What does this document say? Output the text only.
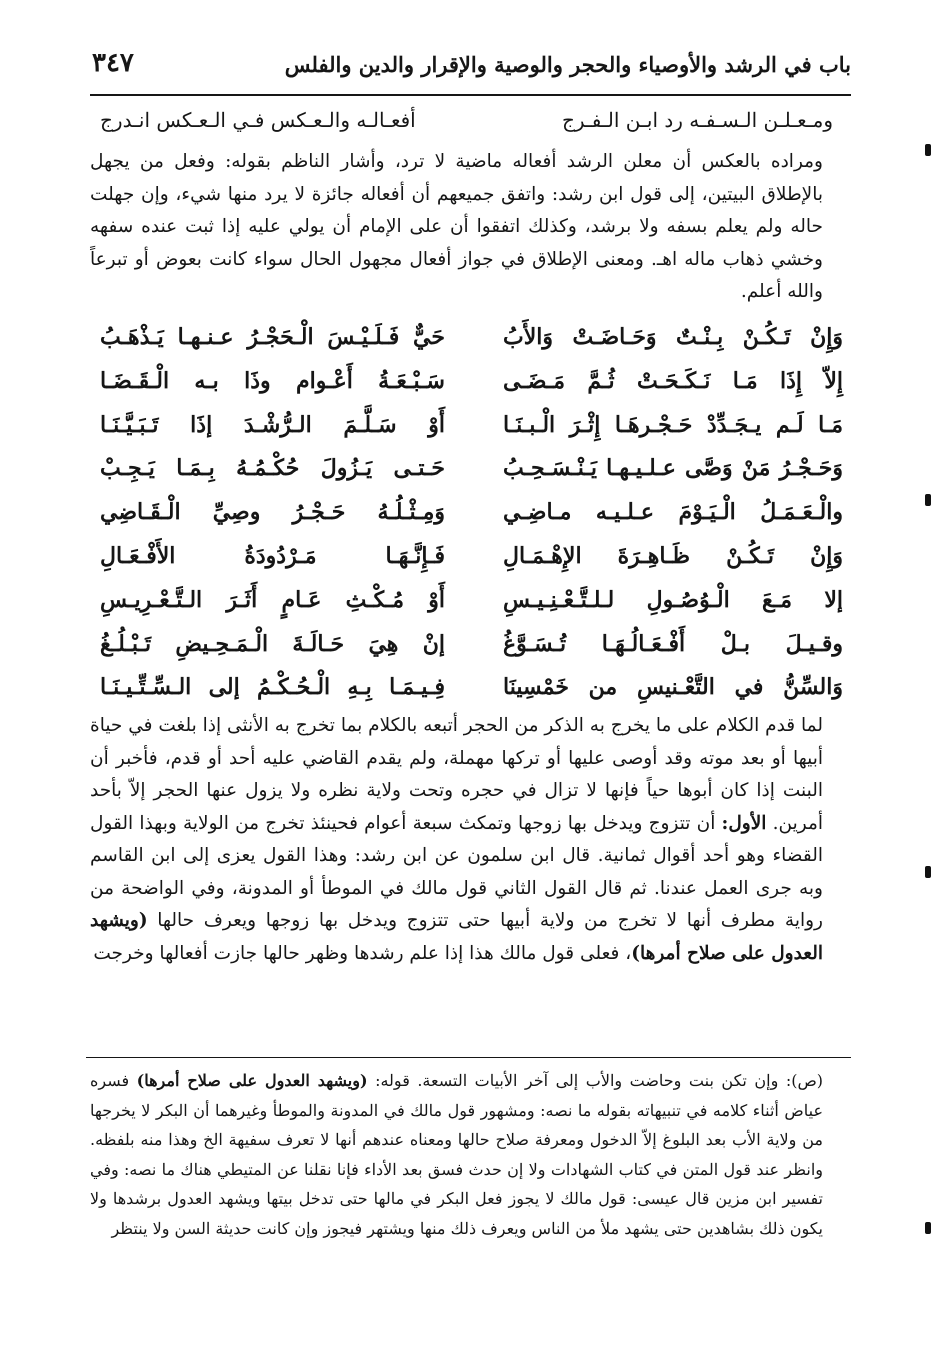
باب في الرشد والأوصياء والحجر والوصية والإقرار والدين والفلس
٣٤٧
ومـعـلـن الـسـفـه رد ابـن الـفـرج
أفعـالـه والـعـكس فـي الـعـكس انـدرج

ومراده بالعكس أن معلن الرشد أفعاله ماضية لا ترد، وأشار الناظم بقوله: وفعل من يجهل بالإطلاق البيتين، إلى قول ابن رشد: واتفق جميعهم أن أفعاله جائزة لا يرد منها شيء، وإن جهلت حاله ولم يعلم بسفه ولا برشد، وكذلك اتفقوا أن على الإمام أن يولي عليه إذا ثبت عنده سفهه وخشي ذهاب ماله اهـ. ومعنى الإطلاق في جواز أفعال مجهول الحال سواء كانت بعوض أو تبرعاً والله أعلم.

وَإِنْ تَـكُـنْ بِـنْـتٌ وَحَـاضَـتْ وَالأَبُ
حَيٌّ فَـلَـيْـسَ الْـحَجْـرُ عـنـهـا يَـذْهَـبُ
إِلاّ إِذَا مَـا نَـكَـحَـتْ ثُـمَّ مَـضَـى
سَـبْـعَـةُ أَعْـوام وذَا بـه الْـقَـضَـا
مَـا لَـم يـجَـدِّدْ حَـجْـرهَـا إِثْـرَ الْـبـنَـا
أَوْ سَـلَّـمَ الـرُّشْـدَ إذَا تَـبَـيَّـنَـا
وَحَـجْـرُ مَنْ وَصَّى عـلـيـهـا يَـنْـسَـحِـبُ
حَـتـى يَـزُولَ حُكْـمُـهُ بِـمَـا يَـجِـبْ
والْـعَـمَـلُ الْـيَـوْمَ عـلـيـه مـاضِـي
وَمِـثْـلُـهُ حَـجْـرُ وصِيِّ الْـقَـاضِي
وَإِنْ تَـكُـنْ ظَـاهِـرَةَ الإِهْـمَـالِ
فَـإِنَّـهَـا مَـرْدُودَةُ الأَفْـعَـالِ
إلا مَـعَ الْـوُصُـولِ لـلـتَّـعْـنِـيـسِ
أَوْ مُـكْـثِ عَـامٍ أَثَـرَ الـتَّـعْـرِيـسِ
وقـيـلَ بـلْ أَفْـعَـالُـهَـا تُـسَـوَّغُ
إنْ هِيَ حَـالَـةَ الْـمَـحِـيضِ تَـبْـلُـغُ
وَالسِّنُّ في التَّعْـنيسِ من خَمْسِينَا
فِـيـمَـا بِـهِ الْـحُـكْـمُ إلى الـسِّـتِّـيـنَـا

لما قدم الكلام على ما يخرج به الذكر من الحجر أتبعه بالكلام بما تخرج به الأنثى إذا بلغت في حياة أبيها أو بعد موته وقد أوصى عليها أو تركها مهملة، ولم يقدم القاضي عليه أحد أو قدم، فأخبر أن البنت إذا كان أبوها حياً فإنها لا تزال في حجره وتحت ولاية نظره ولا يزول عنها الحجر إلاّ بأحد أمرين. الأول: أن تتزوج ويدخل بها زوجها وتمكث سبعة أعوام فحينئذ تخرج من الولاية وبهذا القول القضاء وهو أحد أقوال ثمانية. قال ابن سلمون عن ابن رشد: وهذا القول يعزى إلى ابن القاسم وبه جرى العمل عندنا. ثم قال القول الثاني قول مالك في الموطأ أو المدونة، وفي الواضحة من رواية مطرف أنها لا تخرج من ولاية أبيها حتى تتزوج ويدخل بها زوجها ويعرف حالها (ويشهد العدول على صلاح أمرها)، فعلى قول مالك هذا إذا علم رشدها وظهر حالها جازت أفعالها وخرجت

(ص): وإن تكن بنت وحاضت والأب إلى آخر الأبيات التسعة. قوله: (ويشهد العدول على صلاح أمرها) فسره عياض أثناء كلامه في تنبيهاته بقوله ما نصه: ومشهور قول مالك في المدونة والموطأ وغيرهما أن البكر لا يخرجها من ولاية الأب بعد البلوغ إلاّ الدخول ومعرفة صلاح حالها ومعناه عندهم أنها لا تعرف سفيهة الخ وهذا منه بلفظه. وانظر عند قول المتن في كتاب الشهادات ولا إن حدث فسق بعد الأداء فإنا نقلنا عن المتيطي هناك ما نصه: وفي تفسير ابن مزين قال عيسى: قول مالك لا يجوز فعل البكر في مالها حتى تدخل بيتها ويشهد العدول برشدها ولا يكون ذلك بشاهدين حتى يشهد ملأ من الناس ويعرف ذلك منها ويشتهر فيجوز وإن كانت حديثة السن ولا ينتظر
